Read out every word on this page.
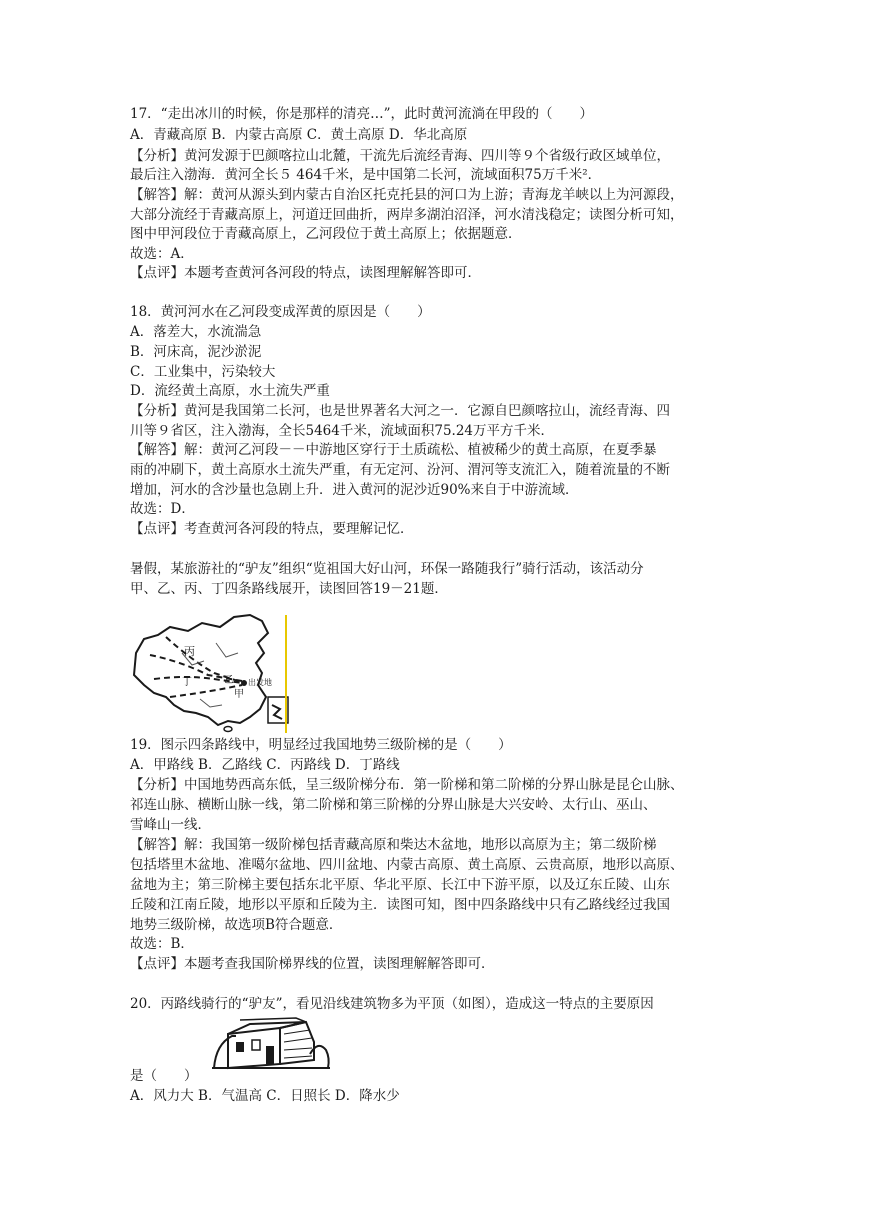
17．“走出冰川的时候，你是那样的清亮…”，此时黄河流淌在甲段的（　　）
A．青藏高原 B．内蒙古高原 C．黄土高原 D．华北高原
【分析】黄河发源于巴颜喀拉山北麓，干流先后流经青海、四川等９个省级行政区域单位，
最后注入渤海．黄河全长５ 464千米，是中国第二长河，流域面积75万千米²．
【解答】解：黄河从源头到内蒙古自治区托克托县的河口为上游；青海龙羊峡以上为河源段，
大部分流经于青藏高原上，河道迂回曲折，两岸多湖泊沼泽，河水清浅稳定；读图分析可知，
图中甲河段位于青藏高原上，乙河段位于黄土高原上；依据题意．
故选：A．
【点评】本题考查黄河各河段的特点，读图理解解答即可．
18．黄河河水在乙河段变成浑黄的原因是（　　）
A．落差大，水流湍急
B．河床高，泥沙淤泥
C．工业集中，污染较大
D．流经黄土高原，水土流失严重
【分析】黄河是我国第二长河，也是世界著名大河之一．它源自巴颜喀拉山，流经青海、四
川等９省区，注入渤海，全长5464千米，流域面积75.24万平方千米．
【解答】解：黄河乙河段－－中游地区穿行于土质疏松、植被稀少的黄土高原，在夏季暴
雨的冲刷下，黄土高原水土流失严重，有无定河、汾河、渭河等支流汇入，随着流量的不断
增加，河水的含沙量也急剧上升．进入黄河的泥沙近90%来自于中游流域．
故选：D．
【点评】考查黄河各河段的特点，要理解记忆．
暑假，某旅游社的“驴友”组织“览祖国大好山河，环保一路随我行”骑行活动，该活动分
甲、乙、丙、丁四条路线展开，读图回答19－21题．
丙
丁
甲
乙 出发地
19．图示四条路线中，明显经过我国地势三级阶梯的是（　　）
A．甲路线 B．乙路线 C．丙路线 D．丁路线
【分析】中国地势西高东低，呈三级阶梯分布．第一阶梯和第二阶梯的分界山脉是昆仑山脉、
祁连山脉、横断山脉一线，第二阶梯和第三阶梯的分界山脉是大兴安岭、太行山、巫山、
雪峰山一线．
【解答】解：我国第一级阶梯包括青藏高原和柴达木盆地，地形以高原为主；第二级阶梯
包括塔里木盆地、准噶尔盆地、四川盆地、内蒙古高原、黄土高原、云贵高原，地形以高原、
盆地为主；第三阶梯主要包括东北平原、华北平原、长江中下游平原，以及辽东丘陵、山东
丘陵和江南丘陵，地形以平原和丘陵为主．读图可知，图中四条路线中只有乙路线经过我国
地势三级阶梯，故选项B符合题意．
故选：B．
【点评】本题考查我国阶梯界线的位置，读图理解解答即可．
20．丙路线骑行的“驴友”，看见沿线建筑物多为平顶（如图），造成这一特点的主要原因
是（　　）
A．风力大 B．气温高 C．日照长 D．降水少
